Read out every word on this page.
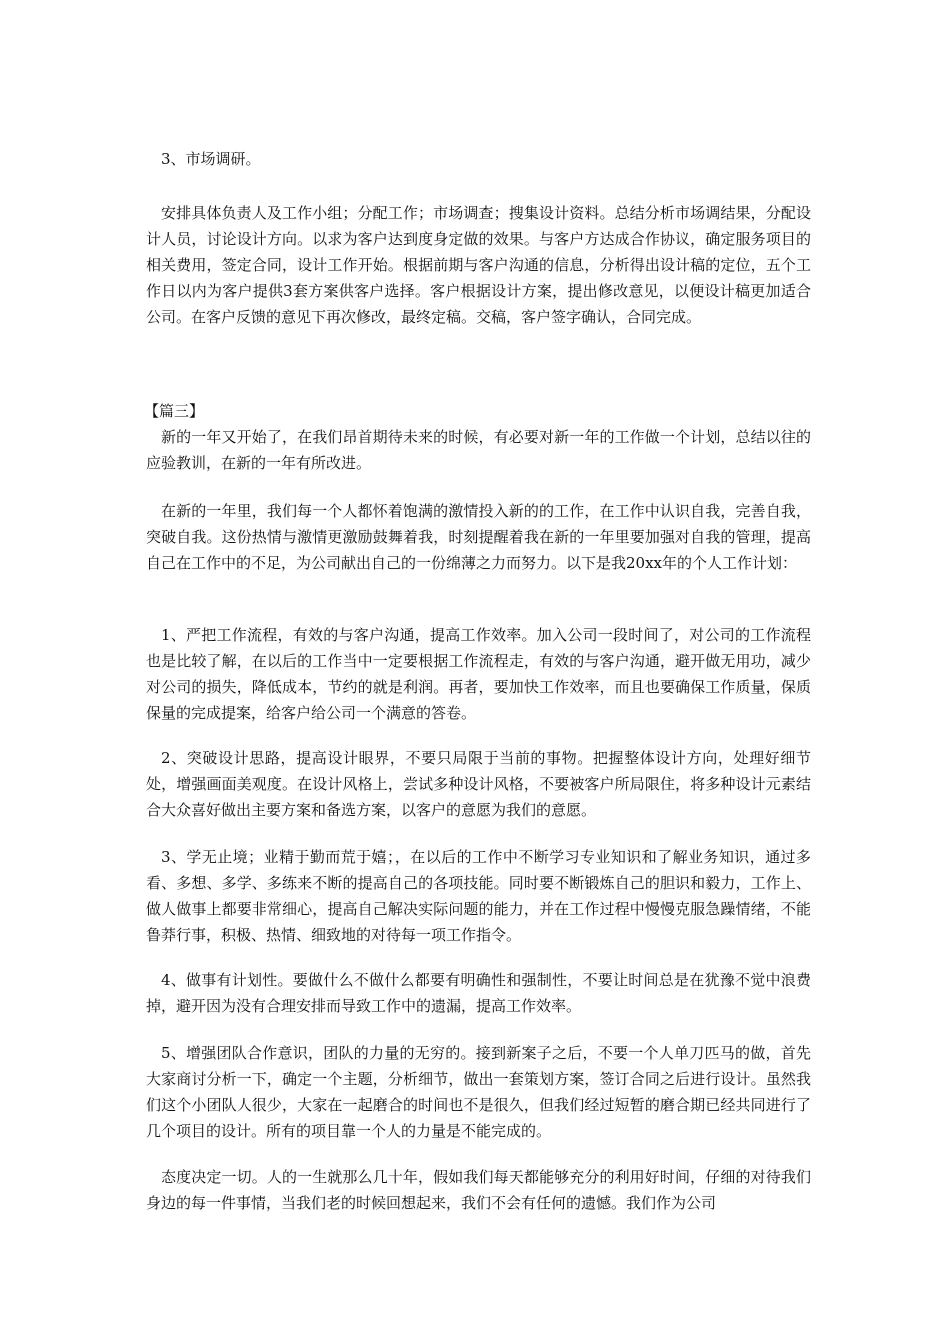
3、市场调研。

安排具体负责人及工作小组；分配工作；市场调查；搜集设计资料。总结分析市场调结果，分配设计人员，讨论设计方向。以求为客户达到度身定做的效果。与客户方达成合作协议，确定服务项目的相关费用，签定合同，设计工作开始。根据前期与客户沟通的信息，分析得出设计稿的定位，五个工作日以内为客户提供3套方案供客户选择。客户根据设计方案，提出修改意见，以便设计稿更加适合公司。在客户反馈的意见下再次修改，最终定稿。交稿，客户签字确认，合同完成。

【篇三】

新的一年又开始了，在我们昂首期待未来的时候，有必要对新一年的工作做一个计划，总结以往的应验教训，在新的一年有所改进。

在新的一年里，我们每一个人都怀着饱满的激情投入新的的工作，在工作中认识自我，完善自我，突破自我。这份热情与激情更激励鼓舞着我，时刻提醒着我在新的一年里要加强对自我的管理，提高自己在工作中的不足，为公司献出自己的一份绵薄之力而努力。以下是我20xx年的个人工作计划：

1、严把工作流程，有效的与客户沟通，提高工作效率。加入公司一段时间了，对公司的工作流程也是比较了解，在以后的工作当中一定要根据工作流程走，有效的与客户沟通，避开做无用功，减少对公司的损失，降低成本，节约的就是利润。再者，要加快工作效率，而且也要确保工作质量，保质保量的完成提案，给客户给公司一个满意的答卷。

2、突破设计思路，提高设计眼界，不要只局限于当前的事物。把握整体设计方向，处理好细节处，增强画面美观度。在设计风格上，尝试多种设计风格，不要被客户所局限住，将多种设计元素结合大众喜好做出主要方案和备选方案，以客户的意愿为我们的意愿。

3、学无止境；业精于勤而荒于嬉；，在以后的工作中不断学习专业知识和了解业务知识，通过多看、多想、多学、多练来不断的提高自己的各项技能。同时要不断锻炼自己的胆识和毅力，工作上、做人做事上都要非常细心，提高自己解决实际问题的能力，并在工作过程中慢慢克服急躁情绪，不能鲁莽行事，积极、热情、细致地的对待每一项工作指令。

4、做事有计划性。要做什么不做什么都要有明确性和强制性，不要让时间总是在犹豫不觉中浪费掉，避开因为没有合理安排而导致工作中的遗漏，提高工作效率。

5、增强团队合作意识，团队的力量的无穷的。接到新案子之后，不要一个人单刀匹马的做，首先大家商讨分析一下，确定一个主题，分析细节，做出一套策划方案，签订合同之后进行设计。虽然我们这个小团队人很少，大家在一起磨合的时间也不是很久，但我们经过短暂的磨合期已经共同进行了几个项目的设计。所有的项目靠一个人的力量是不能完成的。

态度决定一切。人的一生就那么几十年，假如我们每天都能够充分的利用好时间，仔细的对待我们身边的每一件事情，当我们老的时候回想起来，我们不会有任何的遗憾。我们作为公司
